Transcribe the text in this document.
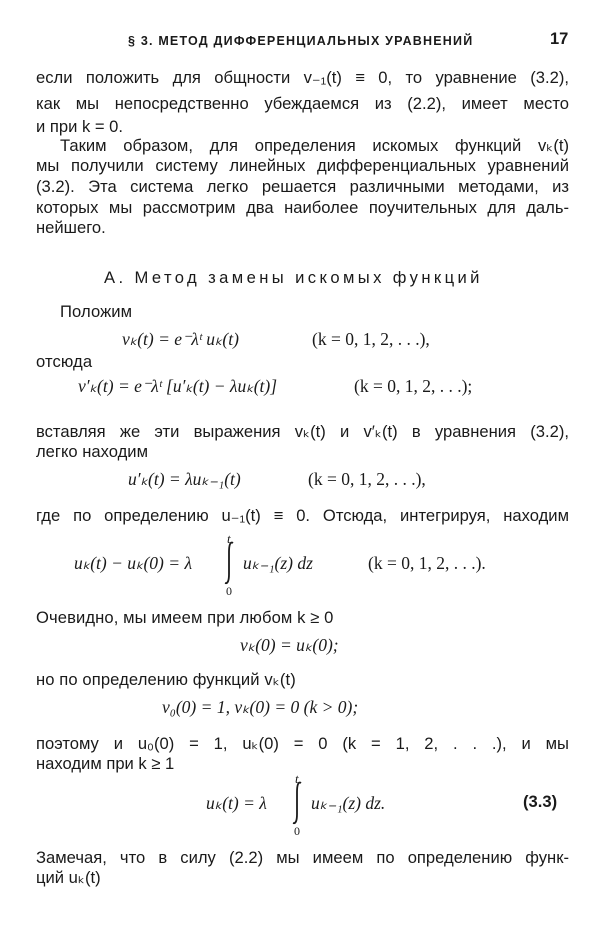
§ 3. МЕТОД ДИФФЕРЕНЦИАЛЬНЫХ УРАВНЕНИЙ	17
если положить для общности v₋₁(t) ≡ 0, то уравнение (3.2),
как мы непосредственно убеждаемся из (2.2), имеет место
и при k = 0.
Таким образом, для определения искомых функций vₖ(t)
мы получили систему линейных дифференциальных уравнений
(3.2). Эта система легко решается различными методами, из
которых мы рассмотрим два наиболее поучительных для даль-
нейшего.
А. Метод замены искомых функций
Положим
vₖ(t) = e⁻λᵗ uₖ(t)	(k = 0, 1, 2, . . .),
отсюда
v′ₖ(t) = e⁻λᵗ [u′ₖ(t) − λuₖ(t)]	(k = 0, 1, 2, . . .);
вставляя же эти выражения vₖ(t) и v′ₖ(t) в уравнения (3.2),
легко находим
u′ₖ(t) = λuₖ₋₁(t)	(k = 0, 1, 2, . . .),
где по определению u₋₁(t) ≡ 0. Отсюда, интегрируя, находим
uₖ(t) − uₖ(0) = λ
t
0
uₖ₋₁(z) dz	(k = 0, 1, 2, . . .).
Очевидно, мы имеем при любом k ≥ 0
vₖ(0) = uₖ(0);
но по определению функций vₖ(t)
v₀(0) = 1, vₖ(0) = 0 (k > 0);
поэтому и u₀(0) = 1, uₖ(0) = 0 (k = 1, 2, . . .), и мы
находим при k ≥ 1
uₖ(t) = λ
t
0
uₖ₋₁(z) dz.	(3.3)
Замечая, что в силу (2.2) мы имеем по определению функ-
ций uₖ(t)
